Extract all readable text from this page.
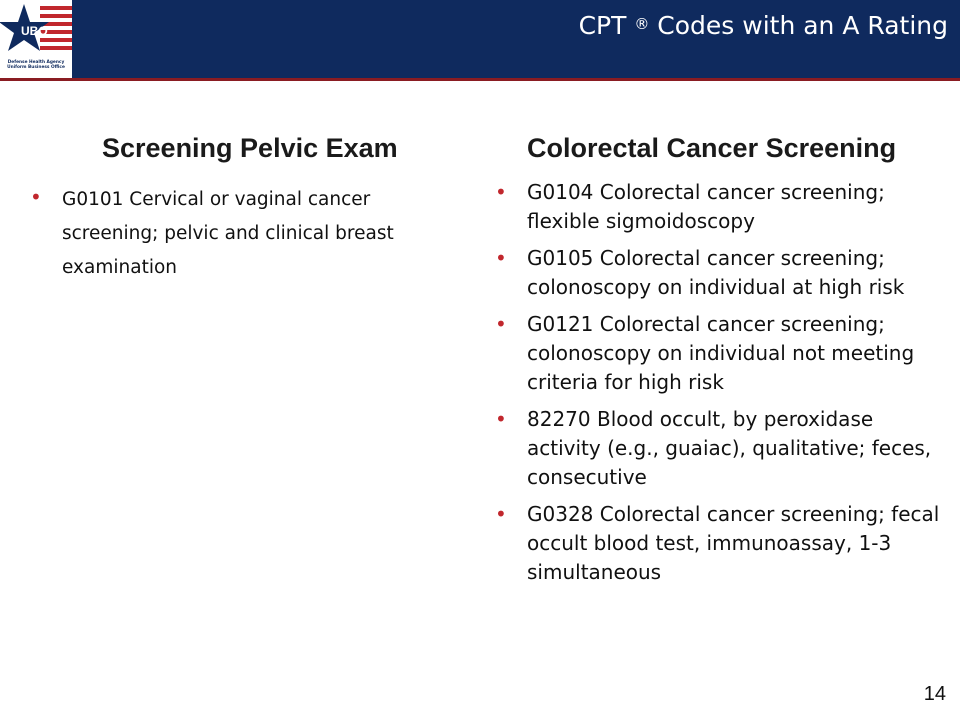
UBO
Defense Health Agency
Uniform Business Office
CPT ® Codes with an A Rating
Screening Pelvic Exam
• G0101 Cervical or vaginal cancer screening; pelvic and clinical breast examination
Colorectal Cancer Screening
• G0104 Colorectal cancer screening; flexible sigmoidoscopy
• G0105 Colorectal cancer screening; colonoscopy on individual at high risk
• G0121 Colorectal cancer screening; colonoscopy on individual not meeting criteria for high risk
• 82270 Blood occult, by peroxidase activity (e.g., guaiac), qualitative; feces, consecutive
• G0328 Colorectal cancer screening; fecal occult blood test, immunoassay, 1-3 simultaneous
14
